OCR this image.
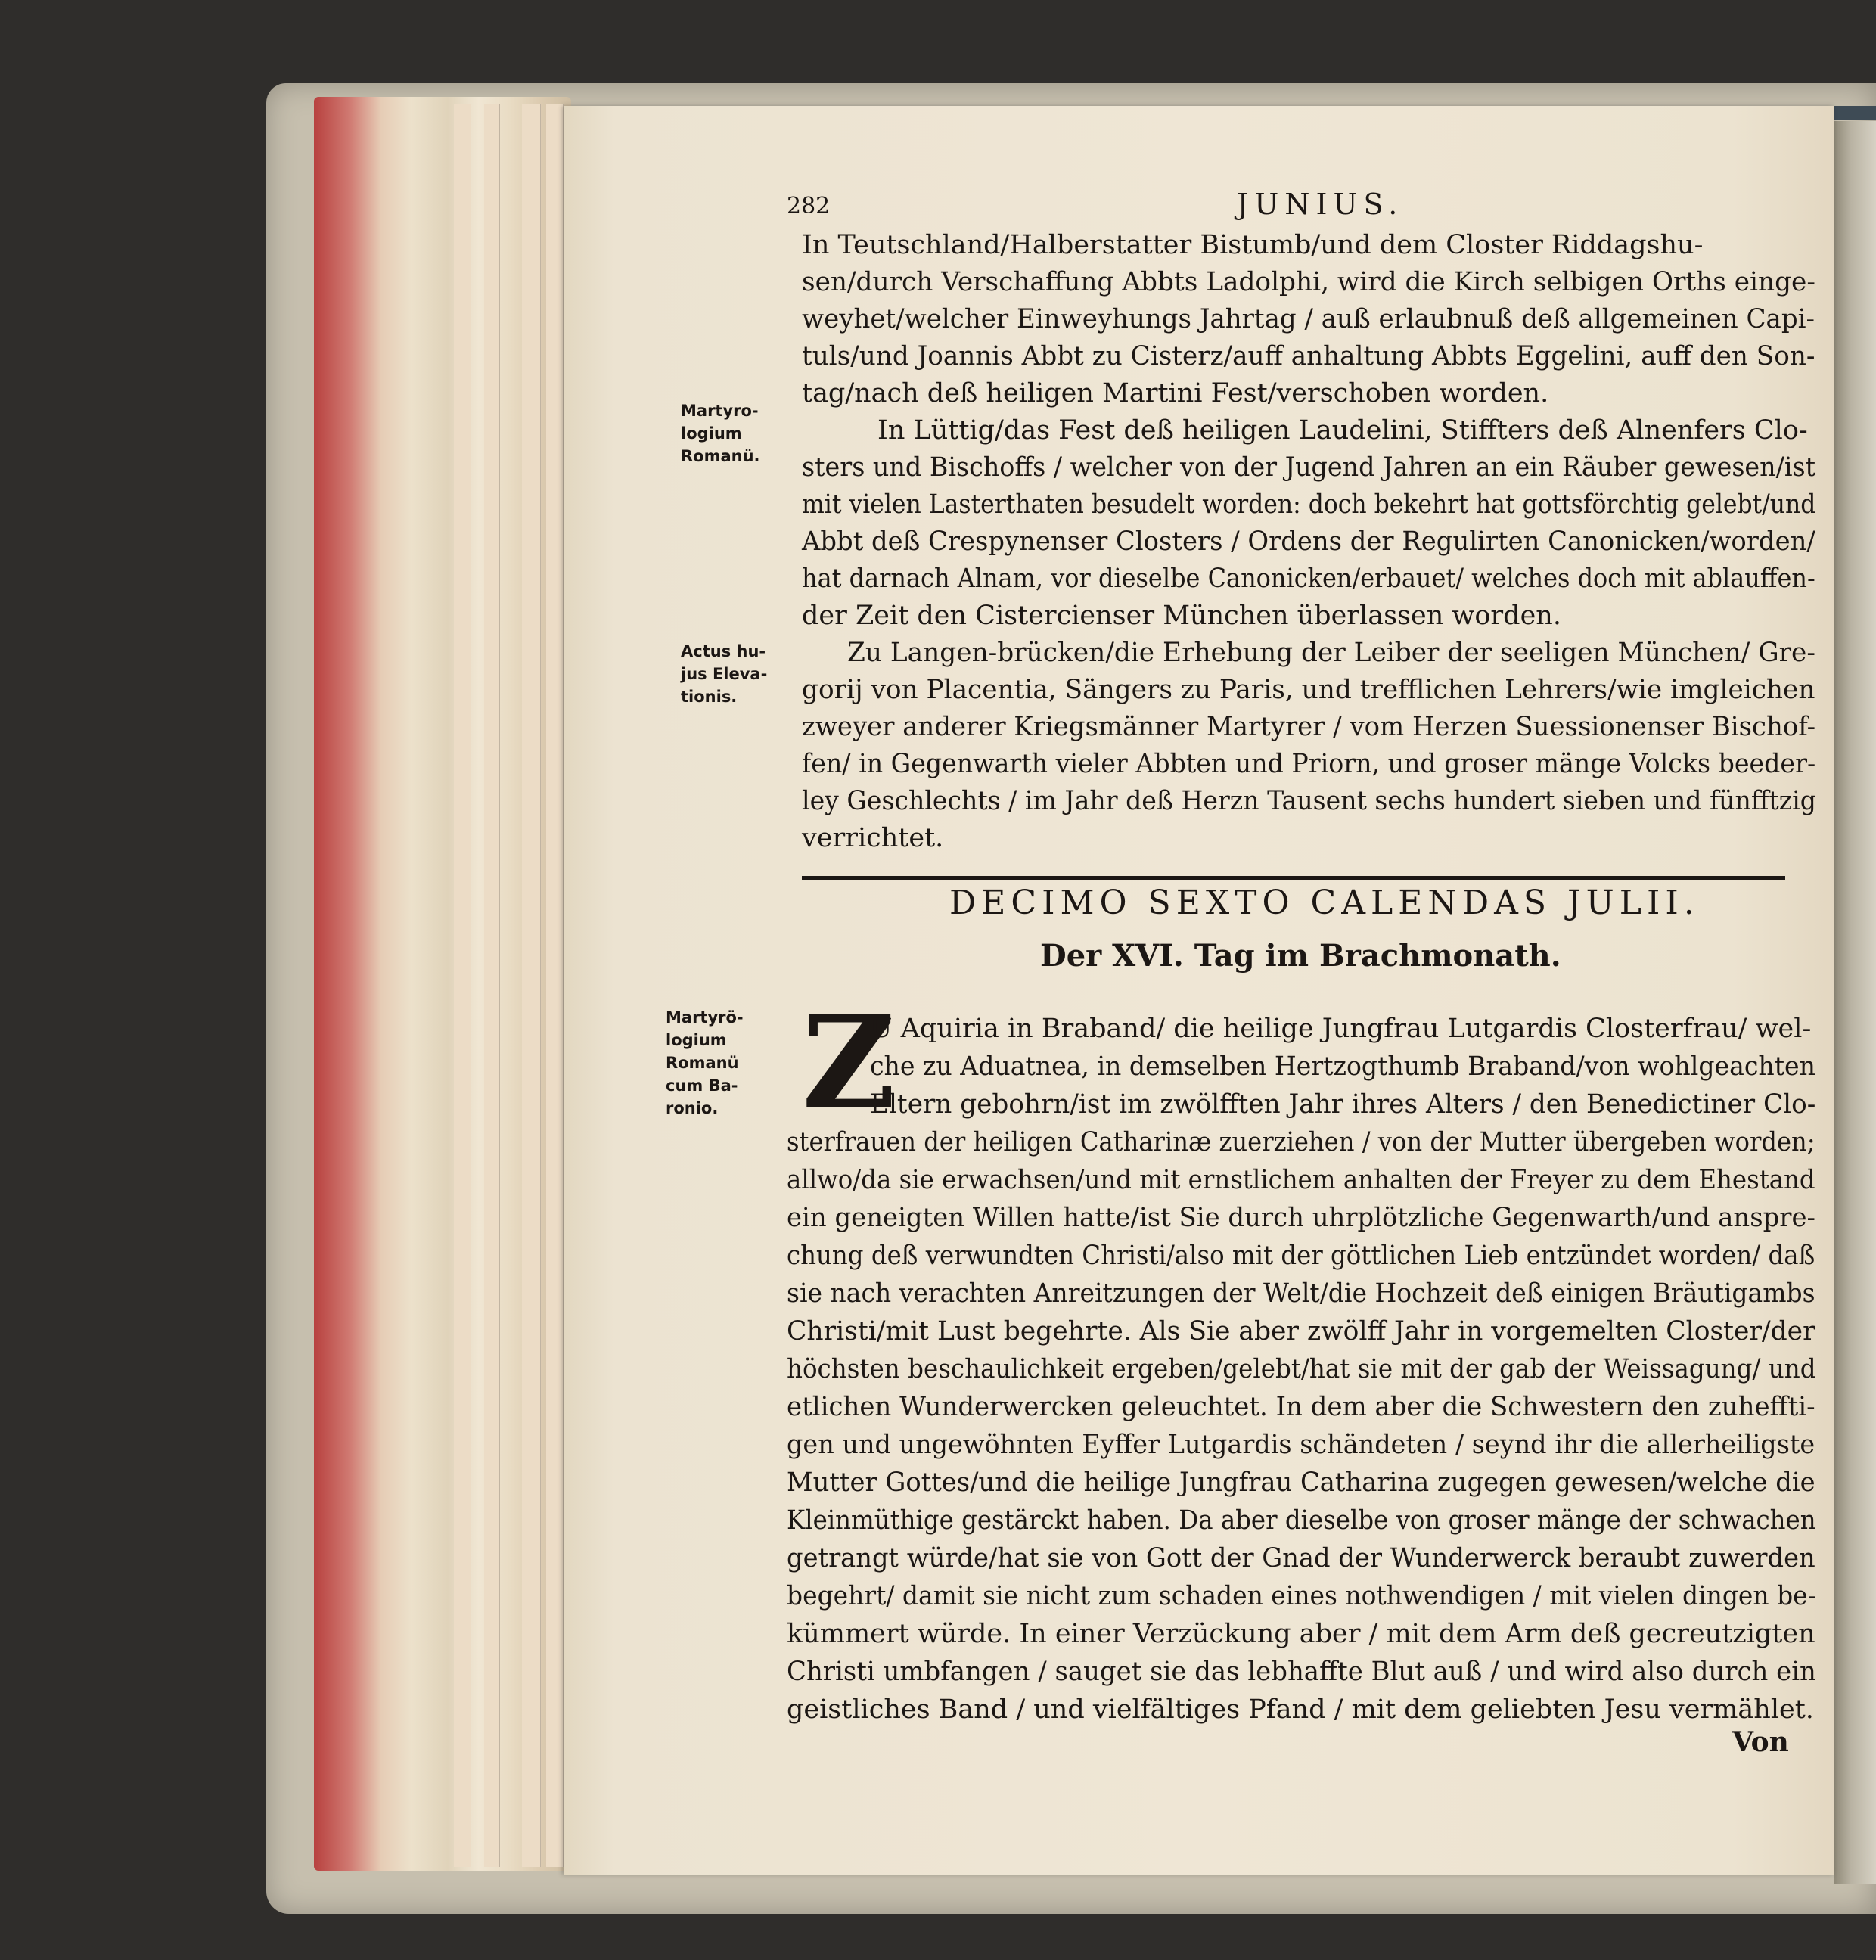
282	JUNIUS.

In Teutschland/Halberstatter Bistumb/und dem Closter Riddagshu-
sen/durch Verschaffung Abbts Ladolphi, wird die Kirch selbigen Orths einge-
weyhet/welcher Einweyhungs Jahrtag / auß erlaubnuß deß allgemeinen Capi-
tuls/und Joannis Abbt zu Cisterz/auff anhaltung Abbts Eggelini, auff den Son-
tag/nach deß heiligen Martini Fest/verschoben worden.
In Lüttig/das Fest deß heiligen Laudelini, Stiffters deß Alnenfers Clo-
sters und Bischoffs / welcher von der Jugend Jahren an ein Räuber gewesen/ist
mit vielen Lasterthaten besudelt worden: doch bekehrt hat gottsförchtig gelebt/und
Abbt deß Crespynenser Closters / Ordens der Regulirten Canonicken/worden/
hat darnach Alnam, vor dieselbe Canonicken/erbauet/ welches doch mit ablauffen-
der Zeit den Cistercienser München überlassen worden.
Zu Langen-brücken/die Erhebung der Leiber der seeligen München/ Gre-
gorij von Placentia, Sängers zu Paris, und trefflichen Lehrers/wie imgleichen
zweyer anderer Kriegsmänner Martyrer / vom Herzen Suessionenser Bischof-
fen/ in Gegenwarth vieler Abbten und Priorn, und groser mänge Volcks beeder-
ley Geschlechts / im Jahr deß Herzn Tausent sechs hundert sieben und fünfftzig
verrichtet.
Martyro-
logium
Romanü.
Actus hu-
jus Eleva-
tionis.
Martyrö-
logium
Romanü
cum Ba-
ronio.

DECIMO SEXTO CALENDAS JULII.

Der XVI. Tag im Brachmonath.

Z
U Aquiria in Braband/ die heilige Jungfrau Lutgardis Closterfrau/ wel-
che zu Aduatnea, in demselben Hertzogthumb Braband/von wohlgeachten
Eltern gebohrn/ist im zwölfften Jahr ihres Alters / den Benedictiner Clo-
sterfrauen der heiligen Catharinæ zuerziehen / von der Mutter übergeben worden;
allwo/da sie erwachsen/und mit ernstlichem anhalten der Freyer zu dem Ehestand
ein geneigten Willen hatte/ist Sie durch uhrplötzliche Gegenwarth/und anspre-
chung deß verwundten Christi/also mit der göttlichen Lieb entzündet worden/ daß
sie nach verachten Anreitzungen der Welt/die Hochzeit deß einigen Bräutigambs
Christi/mit Lust begehrte. Als Sie aber zwölff Jahr in vorgemelten Closter/der
höchsten beschaulichkeit ergeben/gelebt/hat sie mit der gab der Weissagung/ und
etlichen Wunderwercken geleuchtet. In dem aber die Schwestern den zuheffti-
gen und ungewöhnten Eyffer Lutgardis schändeten / seynd ihr die allerheiligste
Mutter Gottes/und die heilige Jungfrau Catharina zugegen gewesen/welche die
Kleinmüthige gestärckt haben. Da aber dieselbe von groser mänge der schwachen
getrangt würde/hat sie von Gott der Gnad der Wunderwerck beraubt zuwerden
begehrt/ damit sie nicht zum schaden eines nothwendigen / mit vielen dingen be-
kümmert würde. In einer Verzückung aber / mit dem Arm deß gecreutzigten
Christi umbfangen / sauget sie das lebhaffte Blut auß / und wird also durch ein
geistliches Band / und vielfältiges Pfand / mit dem geliebten Jesu vermählet.

Von
